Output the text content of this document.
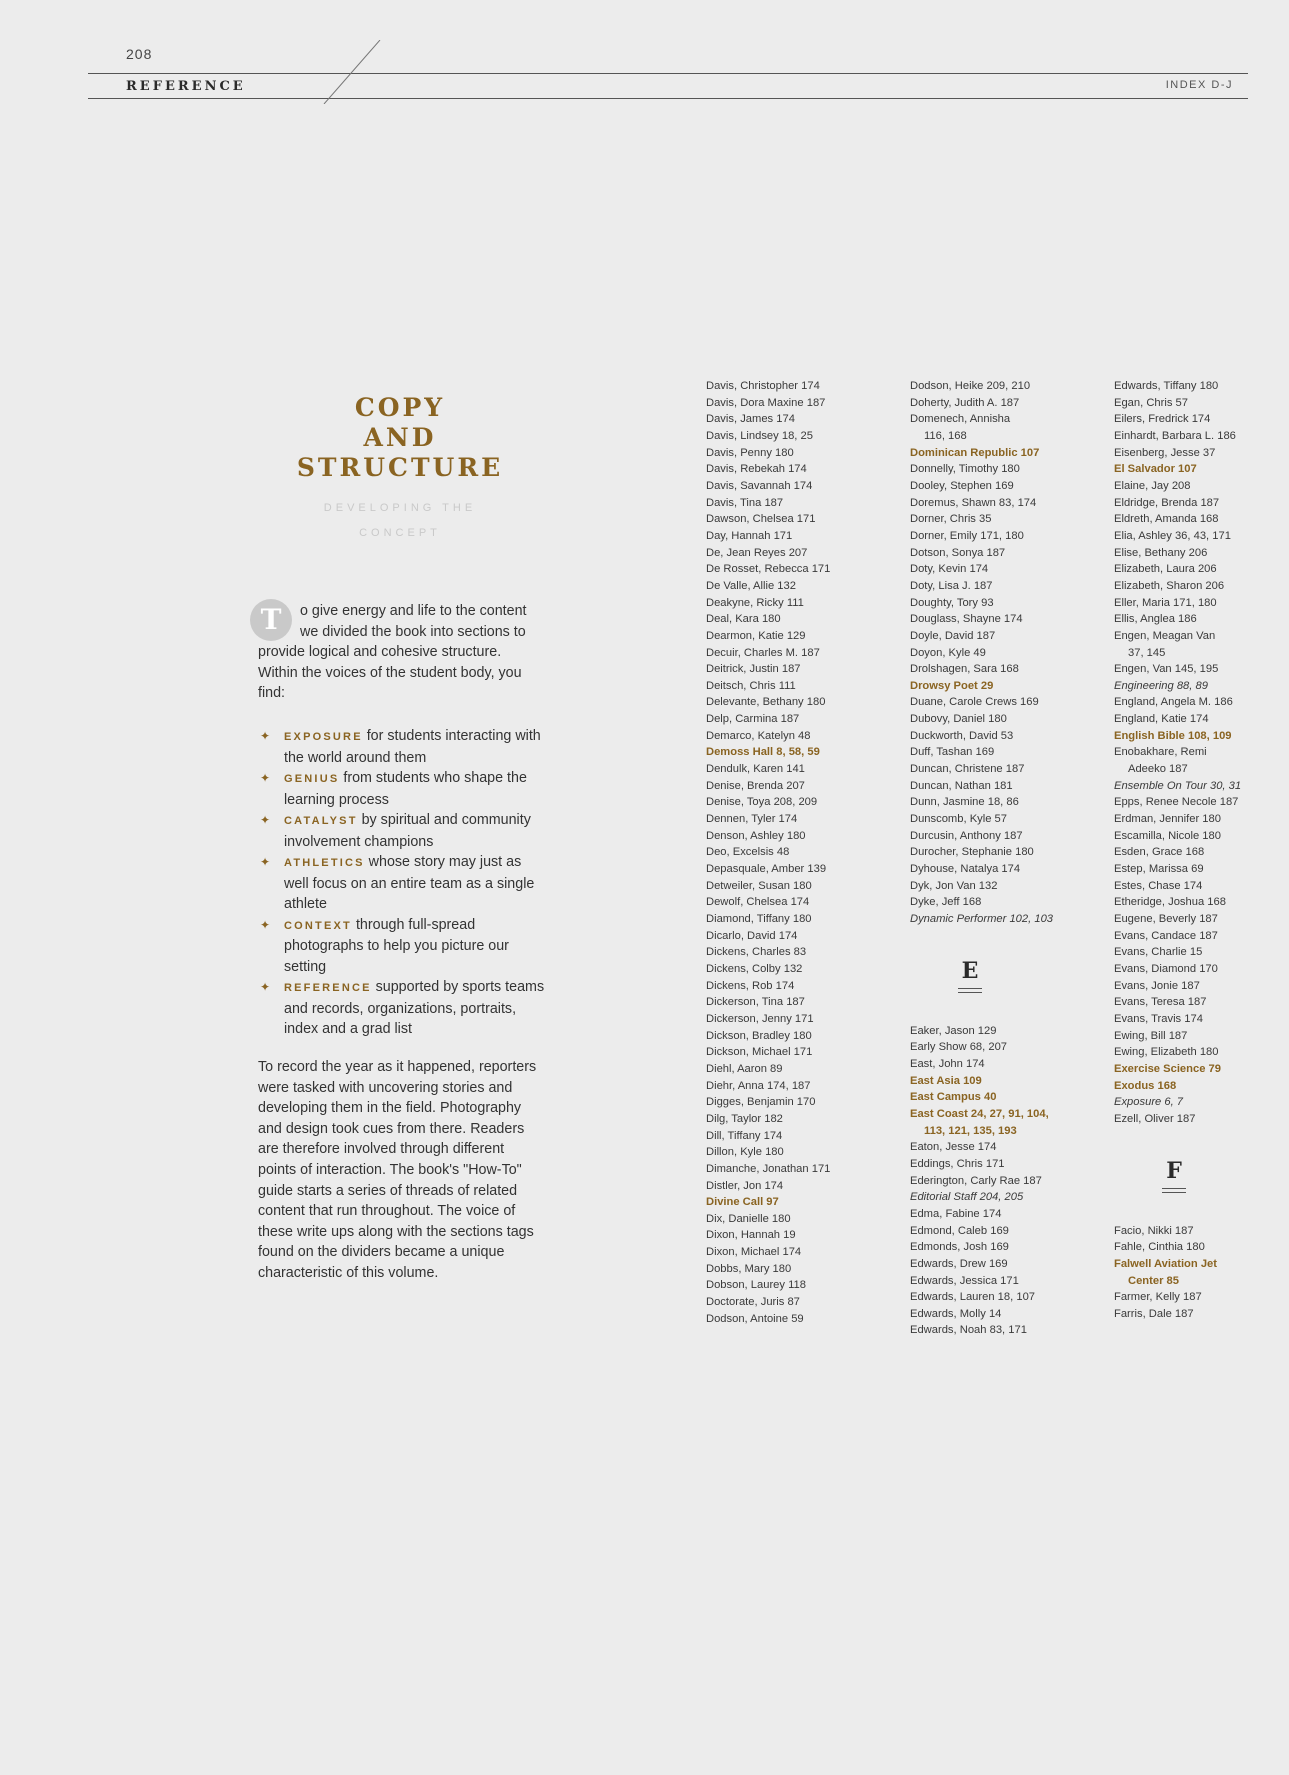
208
REFERENCE	INDEX D-J
COPY
AND
STRUCTURE
DEVELOPING THE
CONCEPT
T	o give energy and life to the content we divided the book into sections to provide logical and cohesive structure. Within the voices of the student body, you find:
✦ EXPOSURE for students interacting with the world around them
✦ GENIUS from students who shape the learning process
✦ CATALYST by spiritual and community involvement champions
✦ ATHLETICS whose story may just as well focus on an entire team as a single athlete
✦ CONTEXT through full-spread photographs to help you picture our setting
✦ REFERENCE supported by sports teams and records, organizations, portraits, index and a grad list
To record the year as it happened, reporters were tasked with uncovering stories and developing them in the field. Photography and design took cues from there. Readers are therefore involved through different points of interaction. The book's "How-To" guide starts a series of threads of related content that run throughout. The voice of these write ups along with the sections tags found on the dividers became a unique characteristic of this volume.
Davis, Christopher 174
Davis, Dora Maxine 187
Davis, James 174
Davis, Lindsey 18, 25
Davis, Penny 180
Davis, Rebekah 174
Davis, Savannah 174
Davis, Tina 187
Dawson, Chelsea 171
Day, Hannah 171
De, Jean Reyes 207
De Rosset, Rebecca 171
De Valle, Allie 132
Deakyne, Ricky 111
Deal, Kara 180
Dearmon, Katie 129
Decuir, Charles M. 187
Deitrick, Justin 187
Deitsch, Chris 111
Delevante, Bethany 180
Delp, Carmina 187
Demarco, Katelyn 48
Demoss Hall 8, 58, 59
Dendulk, Karen 141
Denise, Brenda 207
Denise, Toya 208, 209
Dennen, Tyler 174
Denson, Ashley 180
Deo, Excelsis 48
Depasquale, Amber 139
Detweiler, Susan 180
Dewolf, Chelsea 174
Diamond, Tiffany 180
Dicarlo, David 174
Dickens, Charles 83
Dickens, Colby 132
Dickens, Rob 174
Dickerson, Tina 187
Dickerson, Jenny 171
Dickson, Bradley 180
Dickson, Michael 171
Diehl, Aaron 89
Diehr, Anna 174, 187
Digges, Benjamin 170
Dilg, Taylor 182
Dill, Tiffany 174
Dillon, Kyle 180
Dimanche, Jonathan 171
Distler, Jon 174
Divine Call 97
Dix, Danielle 180
Dixon, Hannah 19
Dixon, Michael 174
Dobbs, Mary 180
Dobson, Laurey 118
Doctorate, Juris 87
Dodson, Antoine 59
Dodson, Heike 209, 210
Doherty, Judith A. 187
Domenech, Annisha
116, 168
Dominican Republic 107
Donnelly, Timothy 180
Dooley, Stephen 169
Doremus, Shawn 83, 174
Dorner, Chris 35
Dorner, Emily 171, 180
Dotson, Sonya 187
Doty, Kevin 174
Doty, Lisa J. 187
Doughty, Tory 93
Douglass, Shayne 174
Doyle, David 187
Doyon, Kyle 49
Drolshagen, Sara 168
Drowsy Poet 29
Duane, Carole Crews 169
Dubovy, Daniel 180
Duckworth, David 53
Duff, Tashan 169
Duncan, Christene 187
Duncan, Nathan 181
Dunn, Jasmine 18, 86
Dunscomb, Kyle 57
Durcusin, Anthony 187
Durocher, Stephanie 180
Dyhouse, Natalya 174
Dyk, Jon Van 132
Dyke, Jeff 168
Dynamic Performer 102, 103
E
Eaker, Jason 129
Early Show 68, 207
East, John 174
East Asia 109
East Campus 40
East Coast 24, 27, 91, 104,
113, 121, 135, 193
Eaton, Jesse 174
Eddings, Chris 171
Ederington, Carly Rae 187
Editorial Staff 204, 205
Edma, Fabine 174
Edmond, Caleb 169
Edmonds, Josh 169
Edwards, Drew 169
Edwards, Jessica 171
Edwards, Lauren 18, 107
Edwards, Molly 14
Edwards, Noah 83, 171
Edwards, Tiffany 180
Egan, Chris 57
Eilers, Fredrick 174
Einhardt, Barbara L. 186
Eisenberg, Jesse 37
El Salvador 107
Elaine, Jay 208
Eldridge, Brenda 187
Eldreth, Amanda 168
Elia, Ashley 36, 43, 171
Elise, Bethany 206
Elizabeth, Laura 206
Elizabeth, Sharon 206
Eller, Maria 171, 180
Ellis, Anglea 186
Engen, Meagan Van
37, 145
Engen, Van 145, 195
Engineering 88, 89
England, Angela M. 186
England, Katie 174
English Bible 108, 109
Enobakhare, Remi
Adeeko 187
Ensemble On Tour 30, 31
Epps, Renee Necole 187
Erdman, Jennifer 180
Escamilla, Nicole 180
Esden, Grace 168
Estep, Marissa 69
Estes, Chase 174
Etheridge, Joshua 168
Eugene, Beverly 187
Evans, Candace 187
Evans, Charlie 15
Evans, Diamond 170
Evans, Jonie 187
Evans, Teresa 187
Evans, Travis 174
Ewing, Bill 187
Ewing, Elizabeth 180
Exercise Science 79
Exodus 168
Exposure 6, 7
Ezell, Oliver 187
F
Facio, Nikki 187
Fahle, Cinthia 180
Falwell Aviation Jet
Center 85
Farmer, Kelly 187
Farris, Dale 187
